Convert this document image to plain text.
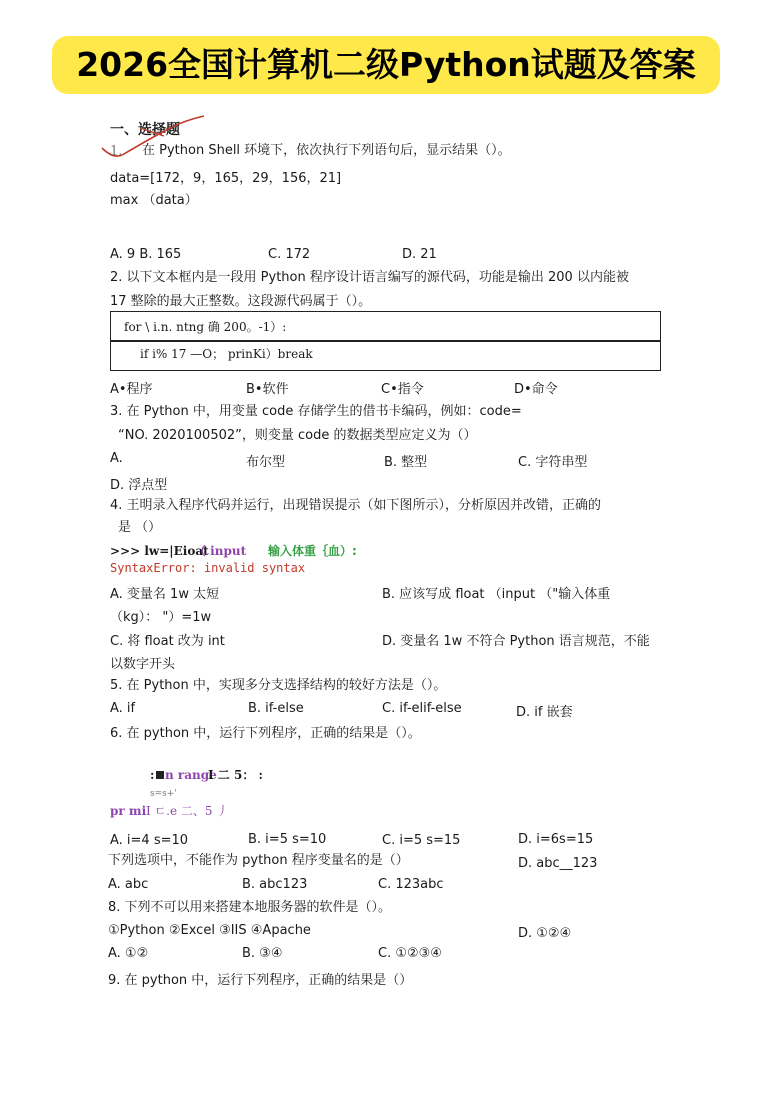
2026全国计算机二级Python试题及答案
一、选择题
1. 在 Python Shell 环境下，依次执行下列语句后，显示结果（）。
data=[172，9，165，29，156，21]
max （data）
A. 9 B. 165	C. 172	D. 21
2. 以下文本框内是一段用 Python 程序设计语言编写的源代码，功能是输出 200 以内能被
17 整除的最大正整数。这段源代码属于（）。
for \ i.n. ntng 确 200。-1）:
if i% 17 —O； prinKi）break
A•程序	B•软件	C•指令	D•命令
3. 在 Python 中，用变量 code 存储学生的借书卡编码，例如：code=
“NO. 2020100502”，则变量 code 的数据类型应定义为（）
A.	布尔型	B. 整型	C. 字符串型
D. 浮点型
4. 王明录入程序代码并运行，出现错误提示（如下图所示），分析原因并改错，正确的
是 （）
>>> lw=|Eioat
（ input 输入体重｛血）:
SyntaxError: invalid syntax
A. 变量名 1w 太短	B. 应该写成 float （input （"输入体重
（kg）： "）=1w
C. 将 float 改为 int	D. 变量名 1w 不符合 Python 语言规范，不能
以数字开头
5. 在 Python 中，实现多分支选择结构的较好方法是（）。
A. if	B. if-else	C. if-elif-else	D. if 嵌套
6. 在 python 中，运行下列程序，正确的结果是（）。
: n range
I 二 5： :
s=s+'
pr mi I ㄷ.e 二、5 丿
A. i=4 s=10	B. i=5 s=10	C. i=5 s=15	D. i=6s=15
下列选项中，不能作为 python 程序变量名的是（）	D. abc__123
A. abc	B. abc123	C. 123abc
8. 下列不可以用来搭建本地服务器的软件是（）。
①Python ②Excel ③IIS ④Apache	D. ①②④
A. ①②	B. ③④	C. ①②③④
9. 在 python 中，运行下列程序，正确的结果是（）
